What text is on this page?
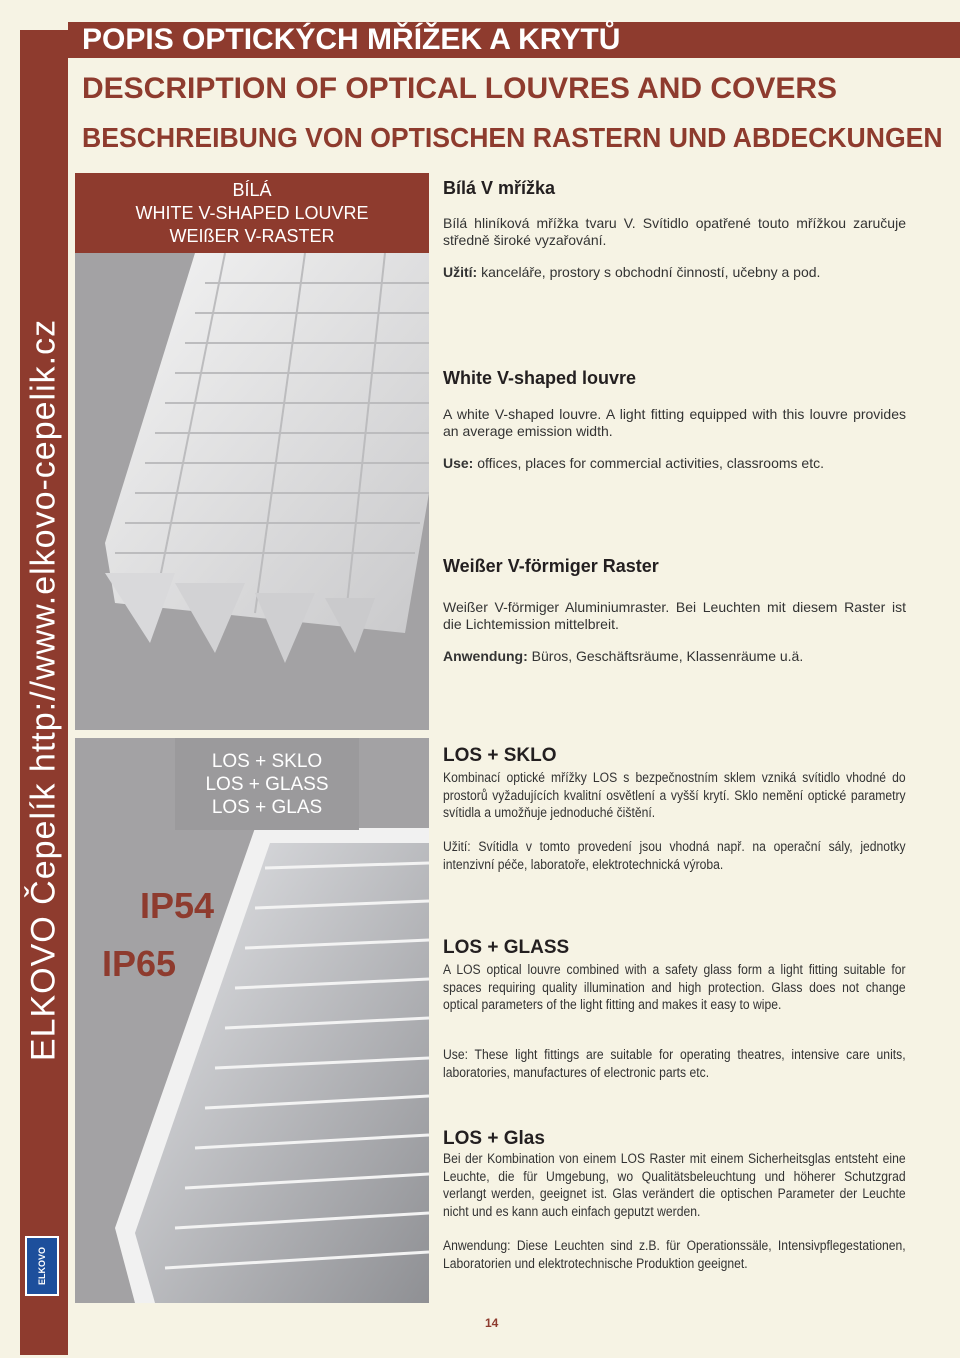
ELKOVO Čepelík http://www.elkovo-cepelik.cz
ELKOVO
POPIS OPTICKÝCH MŘÍŽEK A KRYTŮ
DESCRIPTION OF OPTICAL LOUVRES AND COVERS
BESCHREIBUNG VON OPTISCHEN RASTERN UND ABDECKUNGEN
BÍLÁ
WHITE V-SHAPED LOUVRE
WEIßER V-RASTER
LOS + SKLO
LOS + GLASS
LOS + GLAS
IP54
IP65
Bílá V mřížka
Bílá hliníková mřížka tvaru V. Svítidlo opatřené touto mřížkou zaručuje středně široké vyzařování.
Užití: kanceláře, prostory s obchodní činností, učebny a pod.
White V-shaped louvre
A white V-shaped louvre. A light fitting equipped with this louvre provides an average emission width.
Use: offices, places for commercial activities, classrooms etc.
Weißer V-förmiger Raster
Weißer V-förmiger Aluminiumraster. Bei Leuchten mit diesem Raster ist die Lichtemission mittelbreit.
Anwendung: Büros, Geschäftsräume, Klassenräume u.ä.
LOS + SKLO
Kombinací optické mřížky LOS s bezpečnostním sklem vzniká svítidlo vhodné do prostorů vyžadujících kvalitní osvětlení a vyšší krytí. Sklo nemění optické parametry svítidla a umožňuje jednoduché čištění.
Užití: Svítidla v tomto provedení jsou vhodná např. na operační sály, jednotky intenzivní péče, laboratoře, elektrotechnická výroba.
LOS + GLASS
A LOS optical louvre combined with a safety glass form a light fitting suitable for spaces requiring quality illumination and high protection. Glass does not change optical parameters of the light fitting and makes it easy to wipe.
Use: These light fittings are suitable for operating theatres, intensive care units, laboratories, manufactures of electronic parts etc.
LOS + Glas
Bei der Kombination von einem LOS Raster mit einem Sicherheitsglas entsteht eine Leuchte, die für Umgebung, wo Qualitätsbeleuchtung und höherer Schutzgrad verlangt werden, geeignet ist. Glas verändert die optischen Parameter der Leuchte nicht und es kann auch einfach geputzt werden.
Anwendung: Diese Leuchten sind z.B. für Operationssäle, Intensivpflegestationen, Laboratorien und elektrotechnische Produktion geeignet.
14
